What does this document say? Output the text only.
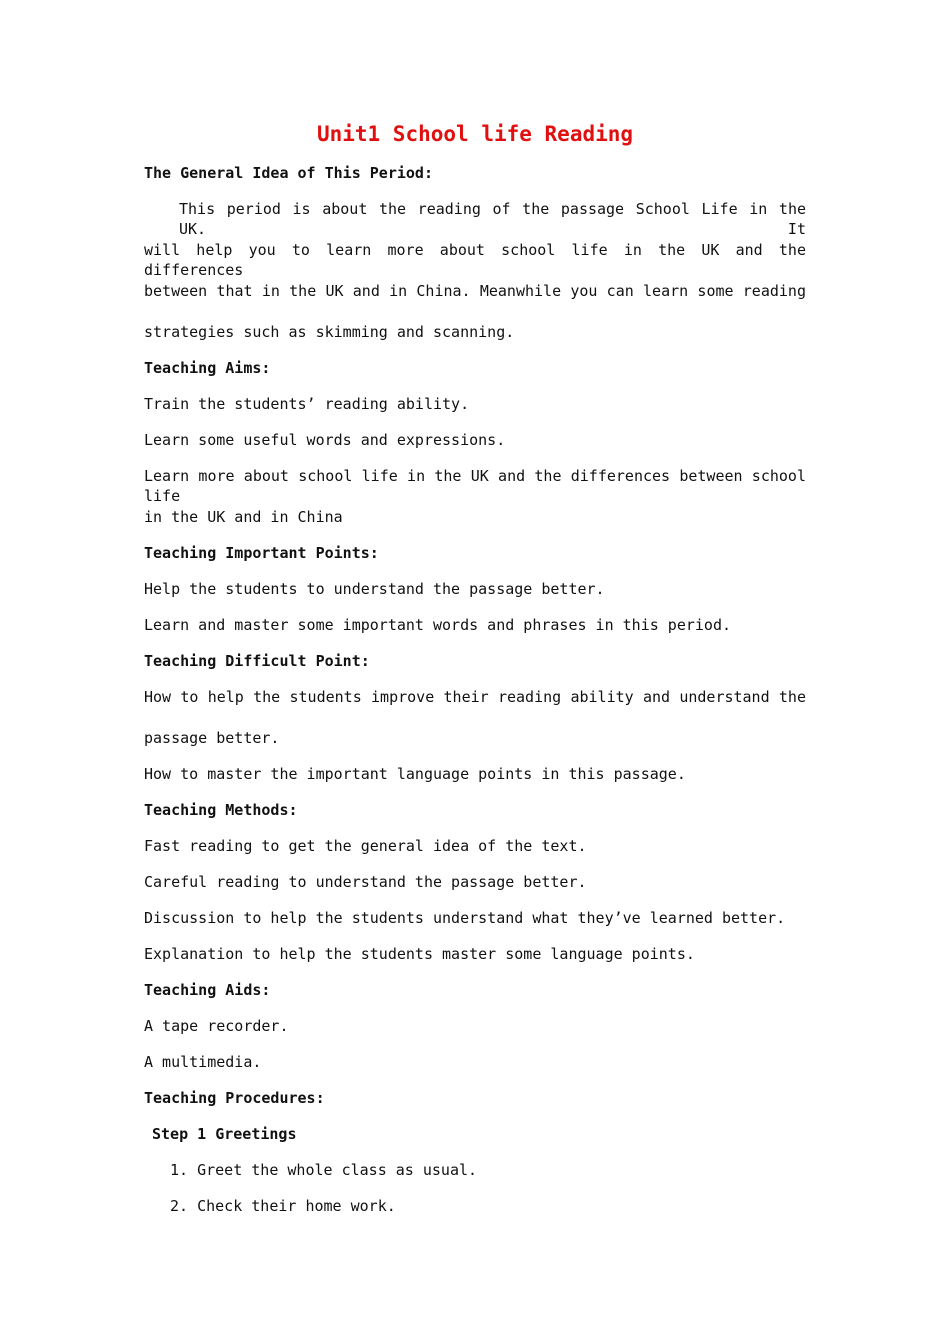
Unit1 School life Reading

The General Idea of This Period:

This period is about the reading of the passage School Life in the UK. It

will help you to learn more about school life in the UK and the differences

between that in the UK and in China. Meanwhile you can learn some reading

strategies such as skimming and scanning.

Teaching Aims:

Train the students’ reading ability.

Learn some useful words and expressions.

Learn more about school life in the UK and the differences between school life

in the UK and in China

Teaching Important Points:

Help the students to understand the passage better.

Learn and master some important words and phrases in this period.

Teaching Difficult Point:

How to help the students improve their reading ability and understand the

passage better.

How to master the important language points in this passage.

Teaching Methods:

Fast reading to get the general idea of the text.

Careful reading to understand the passage better.

Discussion to help the students understand what they’ve learned better.

Explanation to help the students master some language points.

Teaching Aids:

A tape recorder.

A multimedia.

Teaching Procedures:

Step 1 Greetings

1. Greet the whole class as usual.

2. Check their home work.
